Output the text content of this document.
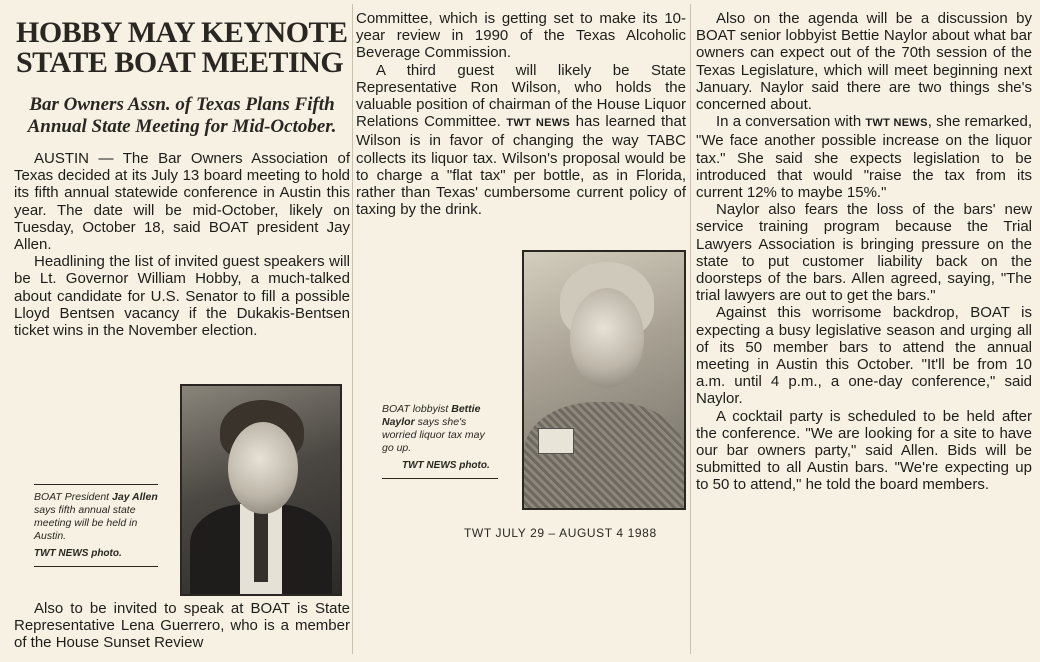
HOBBY MAY KEYNOTE STATE BOAT MEETING
Bar Owners Assn. of Texas Plans Fifth Annual State Meeting for Mid-October.

AUSTIN — The Bar Owners Association of Texas decided at its July 13 board meeting to hold its fifth annual statewide conference in Austin this year. The date will be mid-October, likely on Tuesday, October 18, said BOAT president Jay Allen.

Headlining the list of invited guest speakers will be Lt. Governor William Hobby, a much-talked about candidate for U.S. Senator to fill a possible Lloyd Bentsen vacancy if the Dukakis-Bentsen ticket wins in the November election.

BOAT President Jay Allen says fifth annual state meeting will be held in Austin.
TWT NEWS photo.

Also to be invited to speak at BOAT is State Representative Lena Guerrero, who is a member of the House Sunset Review

Committee, which is getting set to make its 10-year review in 1990 of the Texas Alcoholic Beverage Commission.

A third guest will likely be State Representative Ron Wilson, who holds the valuable position of chairman of the House Liquor Relations Committee. TWT NEWS has learned that Wilson is in favor of changing the way TABC collects its liquor tax. Wilson's proposal would be to charge a "flat tax" per bottle, as in Florida, rather than Texas' cumbersome current policy of taxing by the drink.

BOAT lobbyist Bettie Naylor says she's worried liquor tax may go up.
TWT NEWS photo.
TWT JULY 29 – AUGUST 4 1988

Also on the agenda will be a discussion by BOAT senior lobbyist Bettie Naylor about what bar owners can expect out of the 70th session of the Texas Legislature, which will meet beginning next January. Naylor said there are two things she's concerned about.

In a conversation with TWT NEWS, she remarked, "We face another possible increase on the liquor tax." She said she expects legislation to be introduced that would "raise the tax from its current 12% to maybe 15%."

Naylor also fears the loss of the bars' new service training program because the Trial Lawyers Association is bringing pressure on the state to put customer liability back on the doorsteps of the bars. Allen agreed, saying, "The trial lawyers are out to get the bars."

Against this worrisome backdrop, BOAT is expecting a busy legislative season and urging all of its 50 member bars to attend the annual meeting in Austin this October. "It'll be from 10 a.m. until 4 p.m., a one-day conference," said Naylor.

A cocktail party is scheduled to be held after the conference. "We are looking for a site to have our bar owners party," said Allen. Bids will be submitted to all Austin bars. "We're expecting up to 50 to attend," he told the board members.
